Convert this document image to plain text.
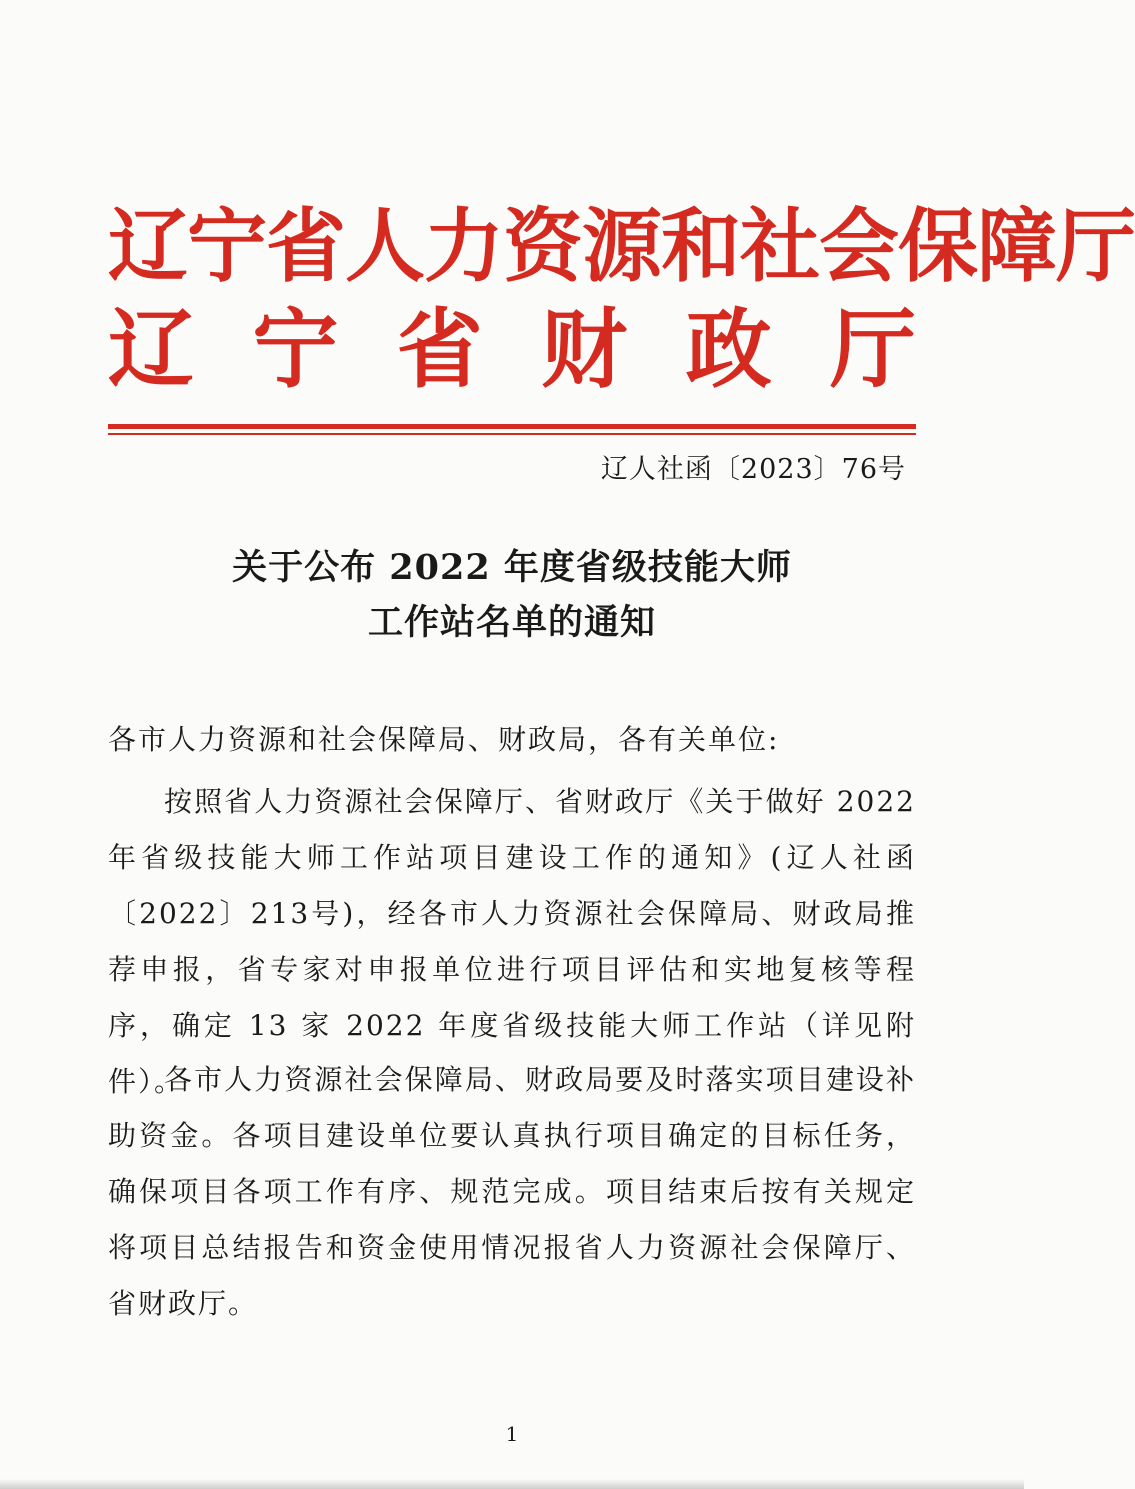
辽宁省人力资源和社会保障厅
辽 宁 省 财 政 厅
辽人社函〔2023〕76号
关于公布 2022 年度省级技能大师
工作站名单的通知
各市人力资源和社会保障局、财政局，各有关单位:
按照省人力资源社会保障厅、省财政厅《关于做好 2022 年省级技能大师工作站项目建设工作的通知》(辽人社函〔2022〕213号)，经各市人力资源社会保障局、财政局推荐申报，省专家对申报单位进行项目评估和实地复核等程序，确定 13 家 2022 年度省级技能大师工作站（详见附件）。
各市人力资源社会保障局、财政局要及时落实项目建设补助资金。各项目建设单位要认真执行项目确定的目标任务，确保项目各项工作有序、规范完成。项目结束后按有关规定将项目总结报告和资金使用情况报省人力资源社会保障厅、省财政厅。
1
